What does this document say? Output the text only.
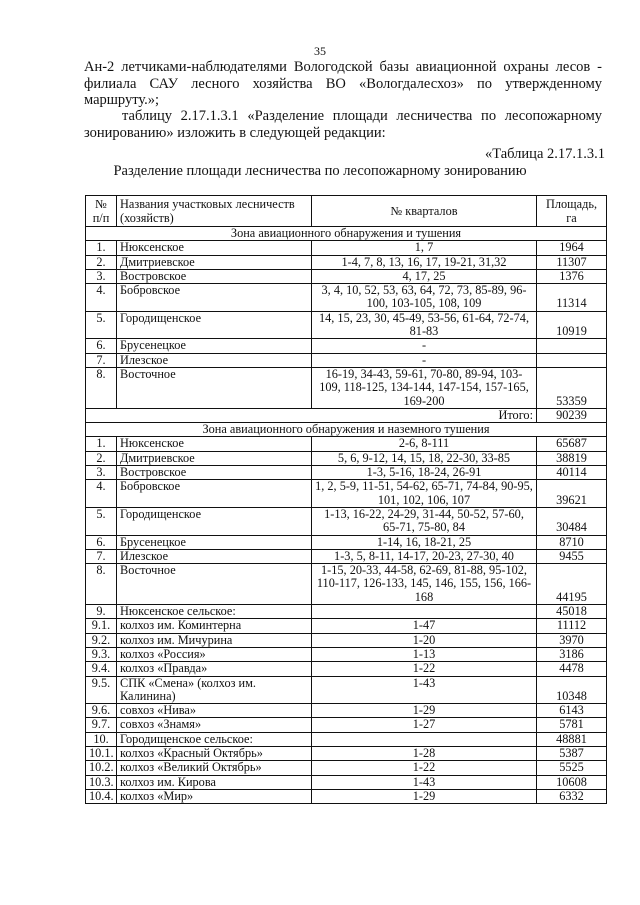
35

Ан-2 летчиками-наблюдателями Вологодской базы авиационной охраны лесов - филиала САУ лесного хозяйства ВО «Вологдалесхоз» по утвержденному

маршруту.»;

таблицу 2.17.1.3.1 «Разделение площади лесничества по лесопожарному

зонированию» изложить в следующей редакции:

«Таблица 2.17.1.3.1
Разделение площади лесничества по лесопожарному зонированию
№ п/п	Названия участковых лесничеств (хозяйств)	№ кварталов	Площадь, га
Зона авиационного обнаружения и тушения			
1.	Нюксенское	1, 7	1964
2.	Дмитриевское	1-4, 7, 8, 13, 16, 17, 19-21, 31,32	11307
3.	Востровское	4, 17, 25	1376
4.	Бобровское	3, 4, 10, 52, 53, 63, 64, 72, 73, 85-89, 96-100, 103-105, 108, 109	11314
5.	Городищенское	14, 15, 23, 30, 45-49, 53-56, 61-64, 72-74, 81-83	10919
6.	Брусенецкое	-	
7.	Илезское	-	
8.	Восточное	16-19, 34-43, 59-61, 70-80, 89-94, 103-109, 118-125, 134-144, 147-154, 157-165, 169-200	53359
Итого:			90239
Зона авиационного обнаружения и наземного тушения			
1.	Нюксенское	2-6, 8-111	65687
2.	Дмитриевское	5, 6, 9-12, 14, 15, 18, 22-30, 33-85	38819
3.	Востровское	1-3, 5-16, 18-24, 26-91	40114
4.	Бобровское	1, 2, 5-9, 11-51, 54-62, 65-71, 74-84, 90-95, 101, 102, 106, 107	39621
5.	Городищенское	1-13, 16-22, 24-29, 31-44, 50-52, 57-60, 65-71, 75-80, 84	30484
6.	Брусенецкое	1-14, 16, 18-21, 25	8710
7.	Илезское	1-3, 5, 8-11, 14-17, 20-23, 27-30, 40	9455
8.	Восточное	1-15, 20-33, 44-58, 62-69, 81-88, 95-102, 110-117, 126-133, 145, 146, 155, 156, 166-168	44195
9.	Нюксенское сельское:		45018
9.1.	колхоз им. Коминтерна	1-47	11112
9.2.	колхоз им. Мичурина	1-20	3970
9.3.	колхоз «Россия»	1-13	3186
9.4.	колхоз «Правда»	1-22	4478
9.5.	СПК «Смена» (колхоз им. Калинина)	1-43	10348
9.6.	совхоз «Нива»	1-29	6143
9.7.	совхоз «Знамя»	1-27	5781
10.	Городищенское сельское:		48881
10.1.	колхоз «Красный Октябрь»	1-28	5387
10.2.	колхоз «Великий Октябрь»	1-22	5525
10.3.	колхоз им. Кирова	1-43	10608
10.4.	колхоз «Мир»	1-29	6332
